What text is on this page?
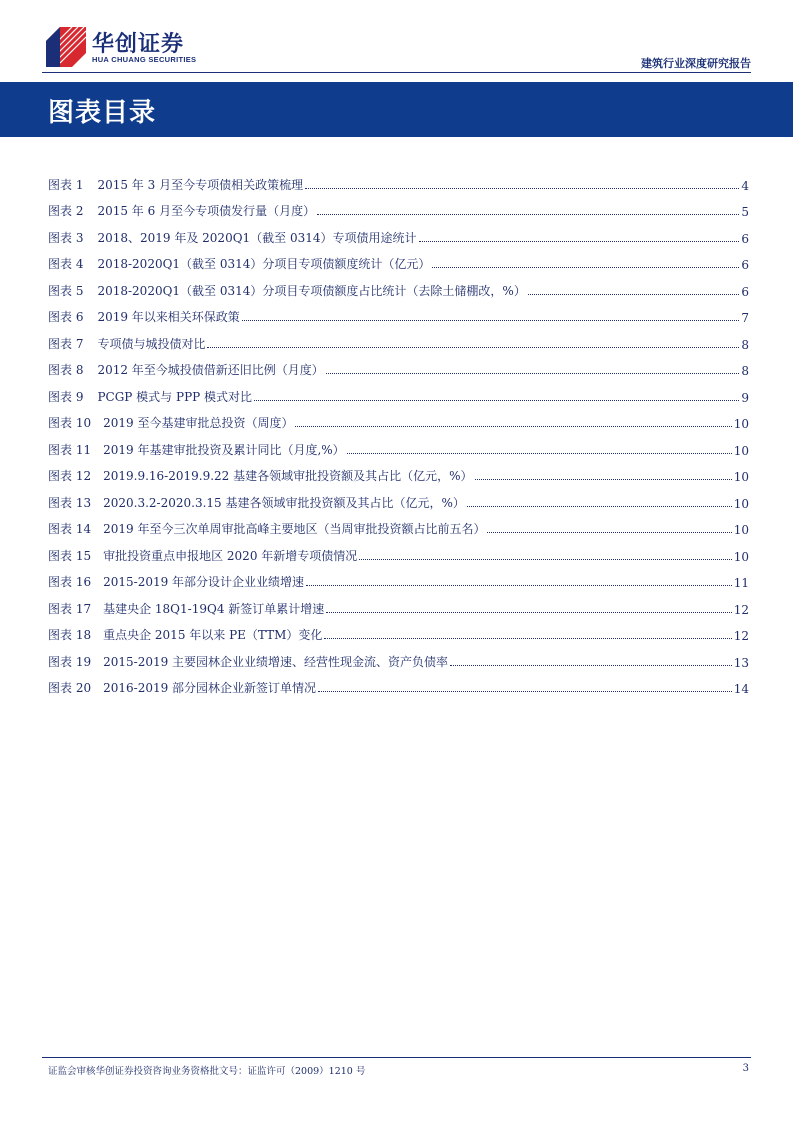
华创证券
HUA CHUANG SECURITIES	建筑行业深度研究报告
图表目录
图表 1 2015 年 3 月至今专项债相关政策梳理	4
图表 2 2015 年 6 月至今专项债发行量（月度）	5
图表 3 2018、2019 年及 2020Q1（截至 0314）专项债用途统计	6
图表 4 2018-2020Q1（截至 0314）分项目专项债额度统计（亿元）	6
图表 5 2018-2020Q1（截至 0314）分项目专项债额度占比统计（去除土储棚改，%）	6
图表 6 2019 年以来相关环保政策	7
图表 7 专项债与城投债对比	8
图表 8 2012 年至今城投债借新还旧比例（月度）	8
图表 9 PCGP 模式与 PPP 模式对比	9
图表 10 2019 至今基建审批总投资（周度）	10
图表 11 2019 年基建审批投资及累计同比（月度,%）	10
图表 12 2019.9.16-2019.9.22 基建各领域审批投资额及其占比（亿元，%）	10
图表 13 2020.3.2-2020.3.15 基建各领域审批投资额及其占比（亿元，%）	10
图表 14 2019 年至今三次单周审批高峰主要地区（当周审批投资额占比前五名）	10
图表 15 审批投资重点申报地区 2020 年新增专项债情况	10
图表 16 2015-2019 年部分设计企业业绩增速	11
图表 17 基建央企 18Q1-19Q4 新签订单累计增速	12
图表 18 重点央企 2015 年以来 PE（TTM）变化	12
图表 19 2015-2019 主要园林企业业绩增速、经营性现金流、资产负债率	13
图表 20 2016-2019 部分园林企业新签订单情况	14
证监会审核华创证券投资咨询业务资格批文号：证监许可（2009）1210 号	3
